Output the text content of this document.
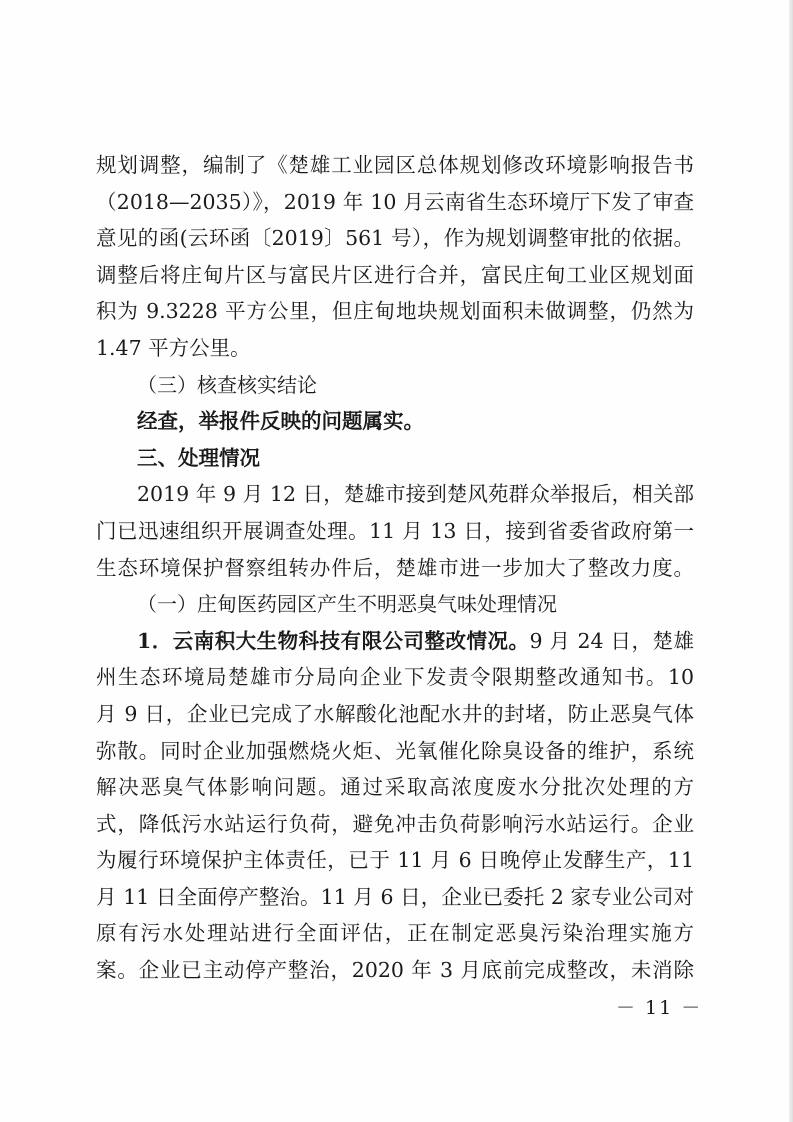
规划调整，编制了《楚雄工业园区总体规划修改环境影响报告书
（2018—2035）》，2019 年 10 月云南省生态环境厅下发了审查
意见的函(云环函〔2019〕561 号），作为规划调整审批的依据。
调整后将庄甸片区与富民片区进行合并，富民庄甸工业区规划面
积为 9.3228 平方公里，但庄甸地块规划面积未做调整，仍然为
1.47 平方公里。
（三）核查核实结论
经查，举报件反映的问题属实。
三、处理情况
2019 年 9 月 12 日，楚雄市接到楚风苑群众举报后，相关部
门已迅速组织开展调查处理。11 月 13 日，接到省委省政府第一
生态环境保护督察组转办件后，楚雄市进一步加大了整改力度。
（一）庄甸医药园区产生不明恶臭气味处理情况
1．云南积大生物科技有限公司整改情况。9 月 24 日，楚雄
州生态环境局楚雄市分局向企业下发责令限期整改通知书。10
月 9 日，企业已完成了水解酸化池配水井的封堵，防止恶臭气体
弥散。同时企业加强燃烧火炬、光氧催化除臭设备的维护，系统
解决恶臭气体影响问题。通过采取高浓度废水分批次处理的方
式，降低污水站运行负荷，避免冲击负荷影响污水站运行。企业
为履行环境保护主体责任，已于 11 月 6 日晚停止发酵生产，11
月 11 日全面停产整治。11 月 6 日，企业已委托 2 家专业公司对
原有污水处理站进行全面评估，正在制定恶臭污染治理实施方
案。企业已主动停产整治，2020 年 3 月底前完成整改，未消除
－ 11 －
